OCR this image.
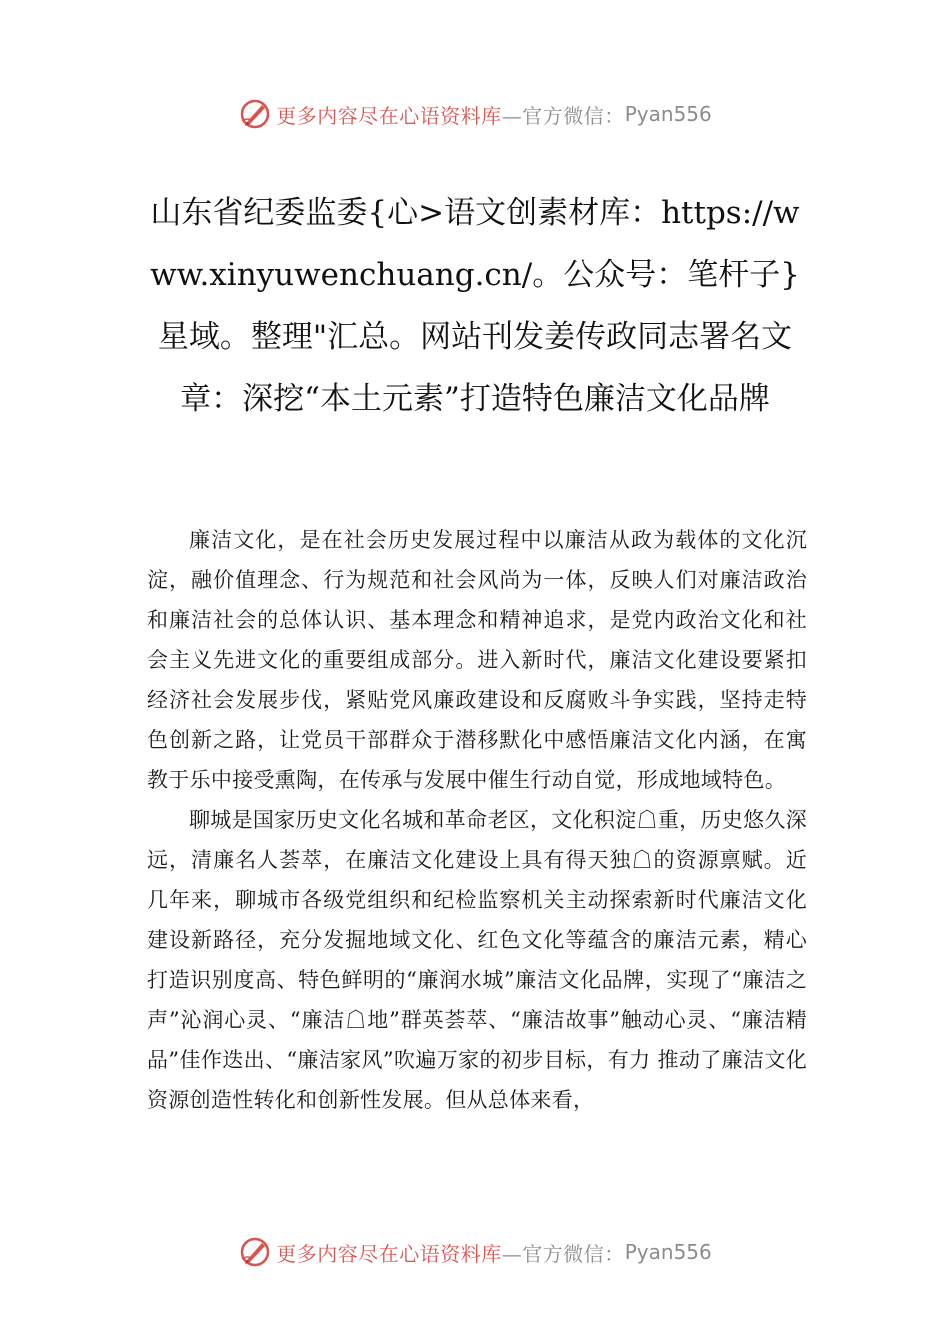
更多内容尽在心语资料库 —官方微信： Pyan556
山东省纪委监委{心>语文创素材库：https://www.xinyuwenchuang.cn/。公众号：笔杆子}星域。整理"汇总。网站刊发姜传政同志署名文章：深挖“本土元素”打造特色廉洁文化品牌

廉洁文化，是在社会历史发展过程中以廉洁从政为载体的文化沉淀，融价值理念、行为规范和社会风尚为一体，反映人们对廉洁政治和廉洁社会的总体认识、基本理念和精神追求，是党内政治文化和社会主义先进文化的重要组成部分。进入新时代，廉洁文化建设要紧扣经济社会发展步伐，紧贴党风廉政建设和反腐败斗争实践，坚持走特色创新之路，让党员干部群众于潜移默化中感悟廉洁文化内涵，在寓教于乐中接受熏陶，在传承与发展中催生行动自觉，形成地域特色。

聊城是国家历史文化名城和革命老区，文化积淀☖重，历史悠久深远，清廉名人荟萃，在廉洁文化建设上具有得天独☖的资源禀赋。近几年来，聊城市各级党组织和纪检监察机关主动探索新时代廉洁文化建设新路径，充分发掘地域文化、红色文化等蕴含的廉洁元素，精心打造识别度高、特色鲜明的“廉润水城”廉洁文化品牌，实现了“廉洁之声”沁润心灵、“廉洁☖地”群英荟萃、“廉洁故事”触动心灵、“廉洁精品”佳作迭出、“廉洁家风”吹遍万家的初步目标，有力 推动了廉洁文化资源创造性转化和创新性发展。但从总体来看，

更多内容尽在心语资料库 —官方微信： Pyan556
